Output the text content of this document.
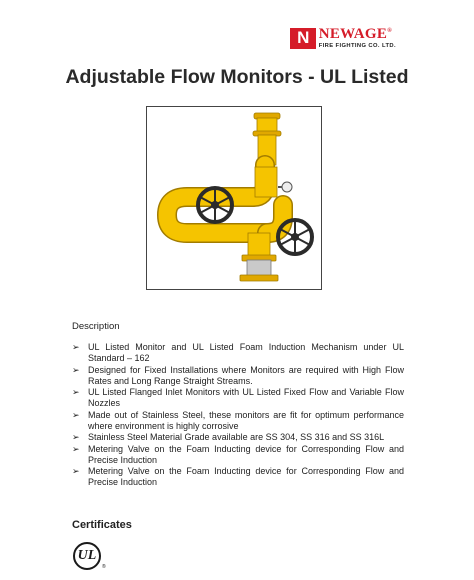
N NEWAGE®
FIRE FIGHTING CO. LTD.
Adjustable Flow Monitors - UL Listed
Description
➢ UL Listed Monitor and UL Listed Foam Induction Mechanism under UL Standard – 162
➢ Designed for Fixed Installations where Monitors are required with High Flow Rates and Long Range Straight Streams.
➢ UL Listed Flanged Inlet Monitors with UL Listed Fixed Flow and Variable Flow Nozzles
➢ Made out of Stainless Steel, these monitors are fit for optimum performance where environment is highly corrosive
➢ Stainless Steel Material Grade available are SS 304, SS 316 and SS 316L
➢ Metering Valve on the Foam Inducting device for Corresponding Flow and Precise Induction
➢ Metering Valve on the Foam Inducting device for Corresponding Flow and Precise Induction
Certificates
UL
®
